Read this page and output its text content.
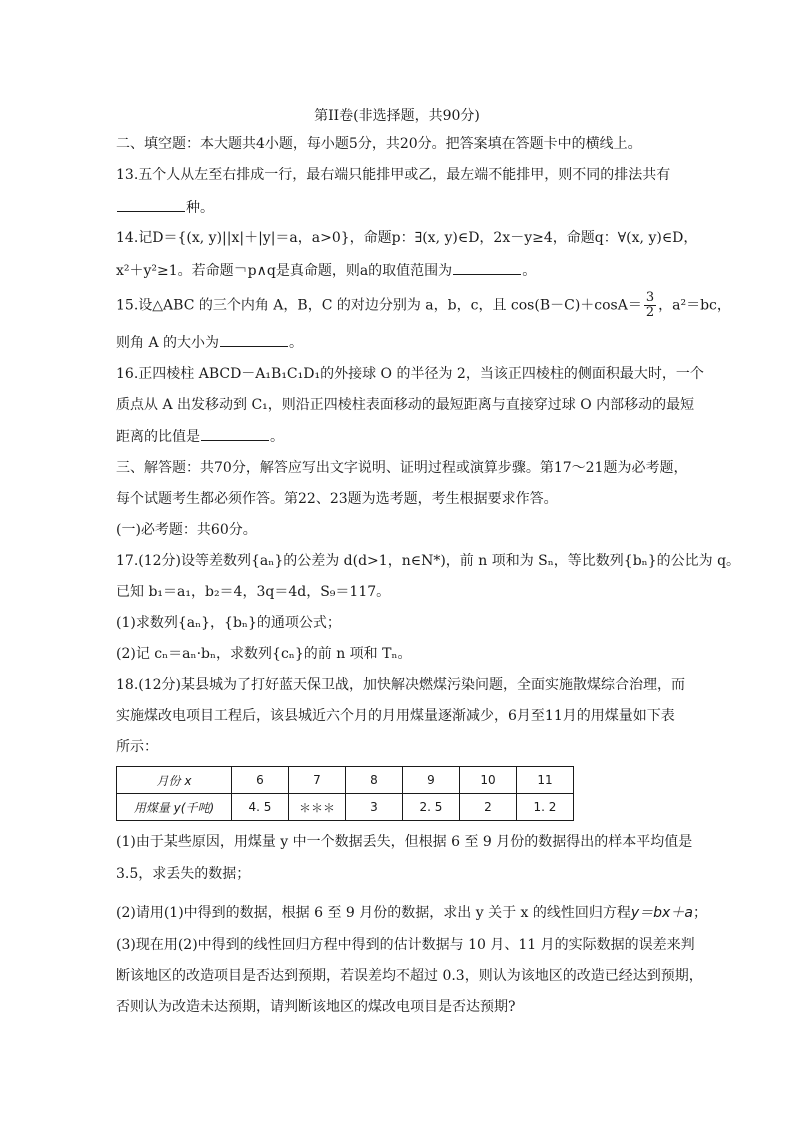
第II卷(非选择题，共90分)
二、填空题：本大题共4小题，每小题5分，共20分。把答案填在答题卡中的横线上。
13.五个人从左至右排成一行，最右端只能排甲或乙，最左端不能排甲，则不同的排法共有
种。
14.记D＝{(x, y)||x|＋|y|＝a，a>0}，命题p：∃(x, y)∈D，2x－y≥4，命题q：∀(x, y)∈D，
x²＋y²≥1。若命题￢p∧q是真命题，则a的取值范围为	。
15.设△ABC 的三个内角 A，B，C 的对边分别为 a，b，c，且 $\cos(B-C)+\cos A= \frac{3}{2}$ ，a²＝bc，
则角 A 的大小为	。
16.正四棱柱 ABCD－A₁B₁C₁D₁的外接球 O 的半径为 2，当该正四棱柱的侧面积最大时，一个
质点从 A 出发移动到 C₁，则沿正四棱柱表面移动的最短距离与直接穿过球 O 内部移动的最短
距离的比值是	。
三、解答题：共70分，解答应写出文字说明、证明过程或演算步骤。第17～21题为必考题，
每个试题考生都必须作答。第22、23题为选考题，考生根据要求作答。
(一)必考题：共60分。
17.(12分)设等差数列{aₙ}的公差为 d(d>1，n∈N*)，前 n 项和为 Sₙ，等比数列{bₙ}的公比为 q。
已知 b₁＝a₁，b₂＝4，3q＝4d，S₉＝117。
(1)求数列{aₙ}，{bₙ}的通项公式；
(2)记 cₙ＝aₙ·bₙ，求数列{cₙ}的前 n 项和 Tₙ。
18.(12分)某县城为了打好蓝天保卫战，加快解决燃煤污染问题，全面实施散煤综合治理，而
实施煤改电项目工程后，该县城近六个月的月用煤量逐渐减少，6月至11月的用煤量如下表
所示：
月份 x	6	7	8	9	10	11
用煤量 y(千吨)	4. 5	＊＊＊	3	2. 5	2	1. 2
(1)由于某些原因，用煤量 y 中一个数据丢失，但根据 6 至 9 月份的数据得出的样本平均值是
3.5，求丢失的数据；
(2)请用(1)中得到的数据，根据 6 至 9 月份的数据，求出 y 关于 x 的线性回归方程y＝bx＋a；
(3)现在用(2)中得到的线性回归方程中得到的估计数据与 10 月、11 月的实际数据的误差来判
断该地区的改造项目是否达到预期，若误差均不超过 0.3，则认为该地区的改造已经达到预期，
否则认为改造未达预期，请判断该地区的煤改电项目是否达预期?
